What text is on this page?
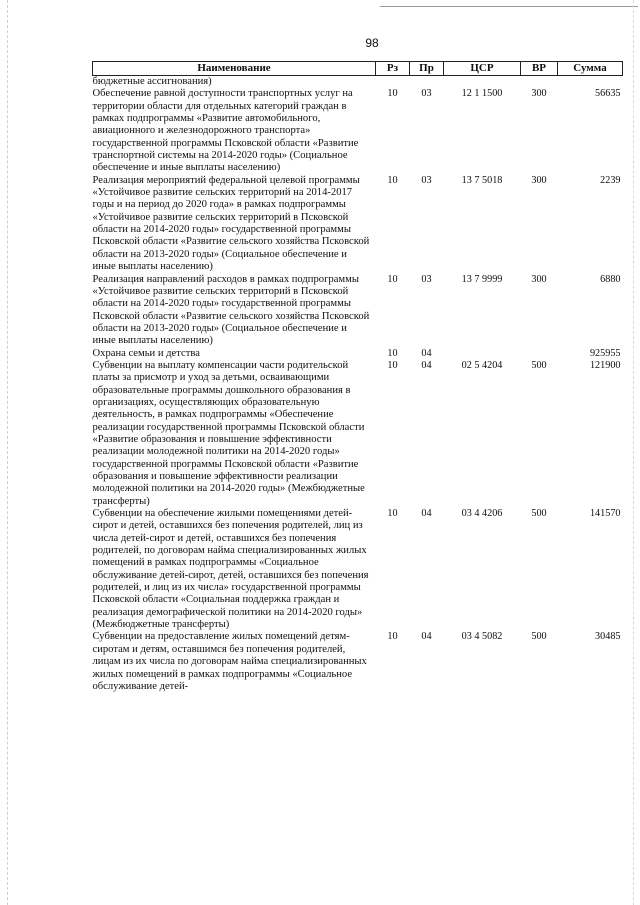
98
Наименование	Рз	Пр	ЦСР	ВР	Сумма
бюджетные ассигнования)					
Обеспечение равной доступности транспортных услуг на территории области для отдельных категорий граждан в рамках подпрограммы «Развитие автомобильного, авиационного и железнодорожного транспорта» государственной программы Псковской области «Развитие транспортной системы на 2014-2020 годы» (Социальное обеспечение и иные выплаты населению)	10	03	12 1 1500	300	56635
Реализация мероприятий федеральной целевой программы «Устойчивое развитие сельских территорий на 2014-2017 годы и на период до 2020 года» в рамках подпрограммы «Устойчивое развитие сельских территорий в Псковской области на 2014-2020 годы» государственной программы Псковской области «Развитие сельского хозяйства Псковской области на 2013-2020 годы» (Социальное обеспечение и иные выплаты населению)	10	03	13 7 5018	300	2239
Реализация направлений расходов в рамках подпрограммы «Устойчивое развитие сельских территорий в Псковской области на 2014-2020 годы» государственной программы Псковской области «Развитие сельского хозяйства Псковской области на 2013-2020 годы» (Социальное обеспечение и иные выплаты населению)	10	03	13 7 9999	300	6880
Охрана семьи и детства	10	04			925955
Субвенции на выплату компенсации части родительской платы за присмотр и уход за детьми, осваивающими образовательные программы дошкольного образования в организациях, осуществляющих образовательную деятельность, в рамках подпрограммы «Обеспечение реализации государственной программы Псковской области «Развитие образования и повышение эффективности реализации молодежной политики на 2014-2020 годы» государственной программы Псковской области «Развитие образования и повышение эффективности реализации молодежной политики на 2014-2020 годы» (Межбюджетные трансферты)	10	04	02 5 4204	500	121900
Субвенции на обеспечение жилыми помещениями детей-сирот и детей, оставшихся без попечения родителей, лиц из числа детей-сирот и детей, оставшихся без попечения родителей, по договорам найма специализированных жилых помещений в рамках подпрограммы «Социальное обслуживание детей-сирот, детей, оставшихся без попечения родителей, и лиц из их числа» государственной программы Псковской области «Социальная поддержка граждан и реализация демографической политики на 2014-2020 годы» (Межбюджетные трансферты)	10	04	03 4 4206	500	141570
Субвенции на предоставление жилых помещений детям-сиротам и детям, оставшимся без попечения родителей, лицам из их числа по договорам найма специализированных жилых помещений в рамках подпрограммы «Социальное обслуживание детей-	10	04	03 4 5082	500	30485
